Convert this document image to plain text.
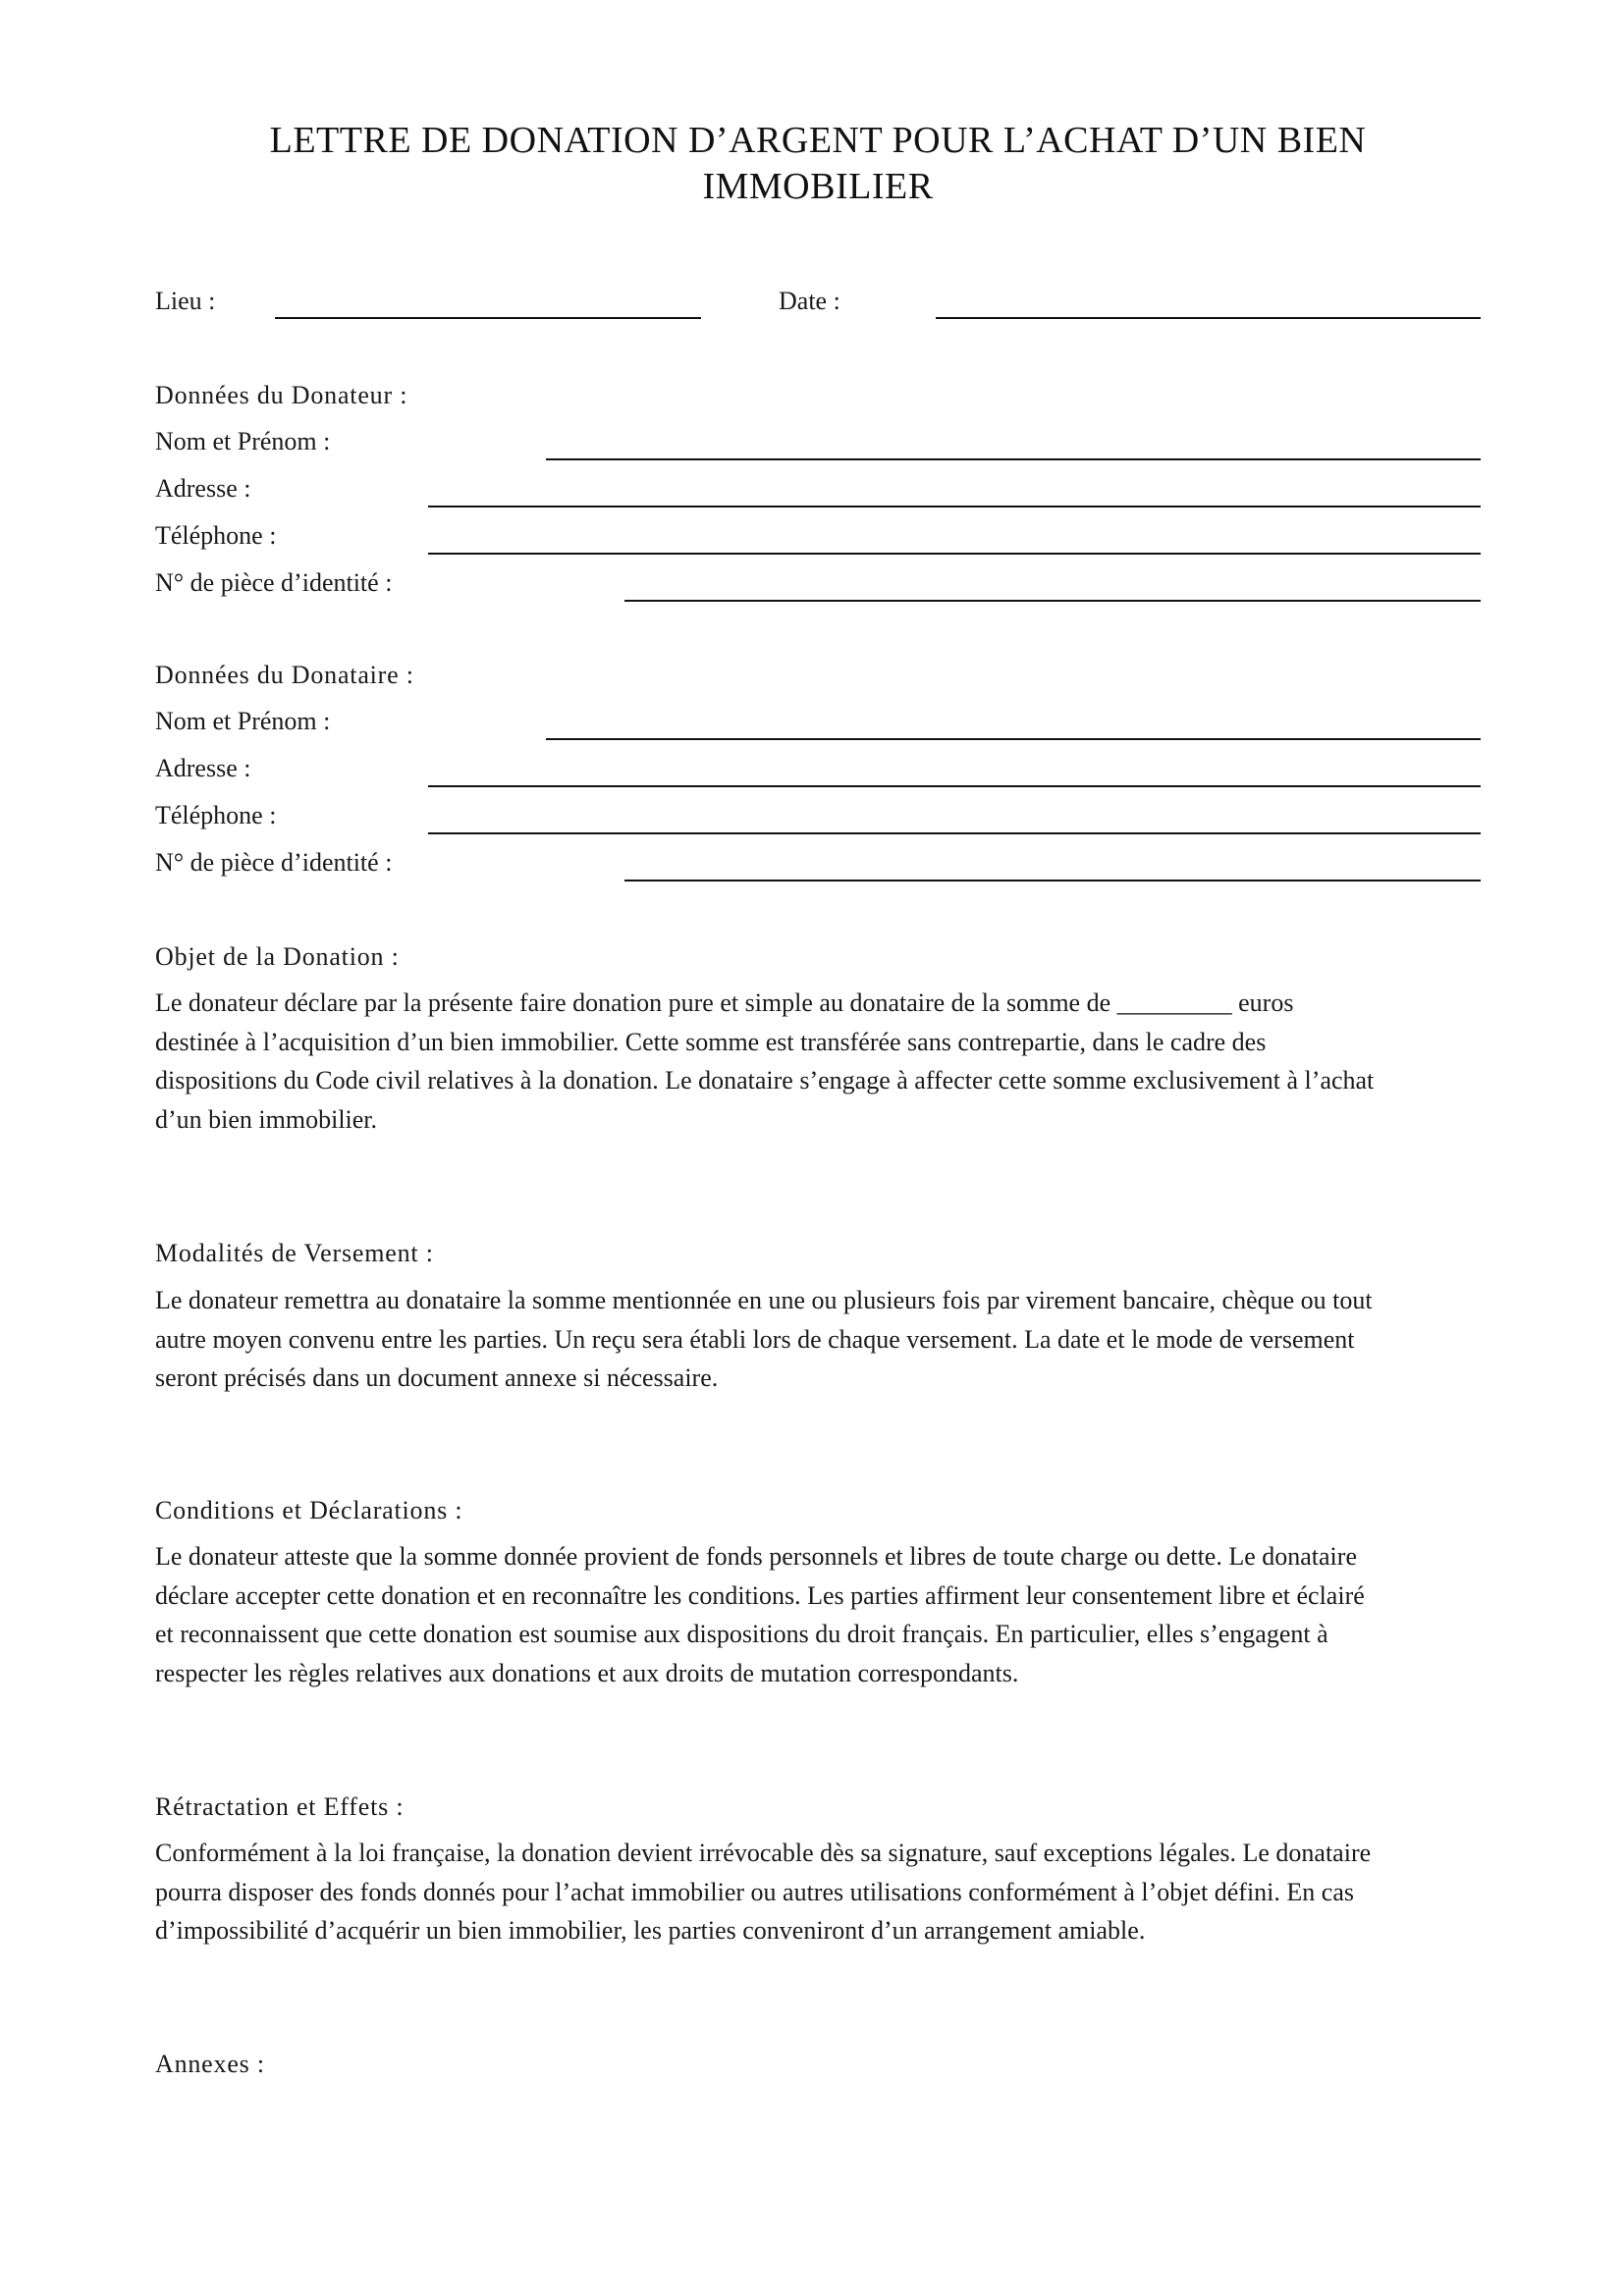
LETTRE DE DONATION D’ARGENT POUR L’ACHAT D’UN BIEN
IMMOBILIER
Lieu :	Date :
Données du Donateur :
Nom et Prénom :
Adresse :
Téléphone :
N° de pièce d’identité :
Données du Donataire :
Nom et Prénom :
Adresse :
Téléphone :
N° de pièce d’identité :
Objet de la Donation :
Le donateur déclare par la présente faire donation pure et simple au donataire de la somme de _________ euros
destinée à l’acquisition d’un bien immobilier. Cette somme est transférée sans contrepartie, dans le cadre des
dispositions du Code civil relatives à la donation. Le donataire s’engage à affecter cette somme exclusivement à l’achat
d’un bien immobilier.
Modalités de Versement :
Le donateur remettra au donataire la somme mentionnée en une ou plusieurs fois par virement bancaire, chèque ou tout
autre moyen convenu entre les parties. Un reçu sera établi lors de chaque versement. La date et le mode de versement
seront précisés dans un document annexe si nécessaire.
Conditions et Déclarations :
Le donateur atteste que la somme donnée provient de fonds personnels et libres de toute charge ou dette. Le donataire
déclare accepter cette donation et en reconnaître les conditions. Les parties affirment leur consentement libre et éclairé
et reconnaissent que cette donation est soumise aux dispositions du droit français. En particulier, elles s’engagent à
respecter les règles relatives aux donations et aux droits de mutation correspondants.
Rétractation et Effets :
Conformément à la loi française, la donation devient irrévocable dès sa signature, sauf exceptions légales. Le donataire
pourra disposer des fonds donnés pour l’achat immobilier ou autres utilisations conformément à l’objet défini. En cas
d’impossibilité d’acquérir un bien immobilier, les parties conveniront d’un arrangement amiable.
Annexes :
